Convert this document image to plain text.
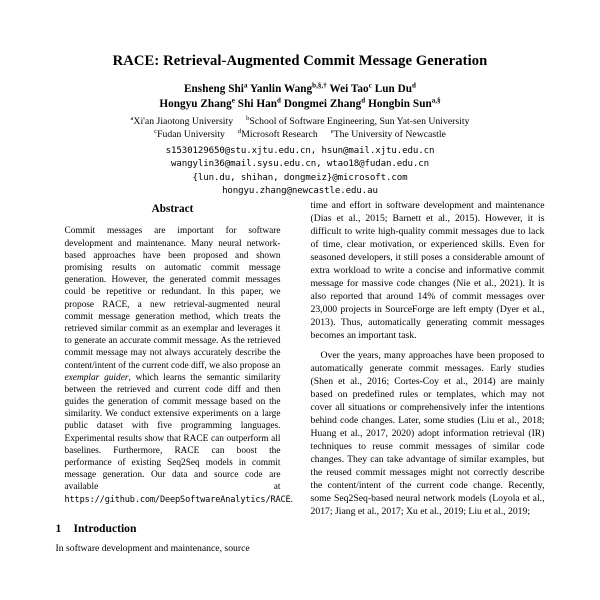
RACE: Retrieval-Augmented Commit Message Generation
Ensheng Shi$^a$ Yanlin Wang$^{b,\S,\dagger}$ Wei Tao$^c$ Lun Du$^d$
Hongyu Zhang$^e$ Shi Han$^d$ Dongmei Zhang$^d$ Hongbin Sun$^{a,\S}$
$^a$Xi'an Jiaotong University $^b$School of Software Engineering, Sun Yat-sen University
$^c$Fudan University $^d$Microsoft Research $^e$The University of Newcastle
s1530129650@stu.xjtu.edu.cn, hsun@mail.xjtu.edu.cn
wangylin36@mail.sysu.edu.cn, wtao18@fudan.edu.cn
{lun.du, shihan, dongmeiz}@microsoft.com
hongyu.zhang@newcastle.edu.au
Abstract

Commit messages are important for software development and maintenance. Many neural network-based approaches have been proposed and shown promising results on automatic commit message generation. However, the generated commit messages could be repetitive or redundant. In this paper, we propose RACE, a new retrieval-augmented neural commit message generation method, which treats the retrieved similar commit as an exemplar and leverages it to generate an accurate commit message. As the retrieved commit message may not always accurately describe the content/intent of the current code diff, we also propose an exemplar guider, which learns the semantic similarity between the retrieved and current code diff and then guides the generation of commit message based on the similarity. We conduct extensive experiments on a large public dataset with five programming languages. Experimental results show that RACE can outperform all baselines. Furthermore, RACE can boost the performance of existing Seq2Seq models in commit message generation. Our data and source code are available at https://github.com/DeepSoftwareAnalytics/RACE.

1 Introduction

In software development and maintenance, source

time and effort in software development and maintenance (Dias et al., 2015; Barnett et al., 2015). However, it is difficult to write high-quality commit messages due to lack of time, clear motivation, or experienced skills. Even for seasoned developers, it still poses a considerable amount of extra workload to write a concise and informative commit message for massive code changes (Nie et al., 2021). It is also reported that around 14% of commit messages over 23,000 projects in SourceForge are left empty (Dyer et al., 2013). Thus, automatically generating commit messages becomes an important task.

Over the years, many approaches have been proposed to automatically generate commit messages. Early studies (Shen et al., 2016; Cortes-Coy et al., 2014) are mainly based on predefined rules or templates, which may not cover all situations or comprehensively infer the intentions behind code changes. Later, some studies (Liu et al., 2018; Huang et al., 2017, 2020) adopt information retrieval (IR) techniques to reuse commit messages of similar code changes. They can take advantage of similar examples, but the reused commit messages might not correctly describe the content/intent of the current code change. Recently, some Seq2Seq-based neural network models (Loyola et al., 2017; Jiang et al., 2017; Xu et al., 2019; Liu et al., 2019;
